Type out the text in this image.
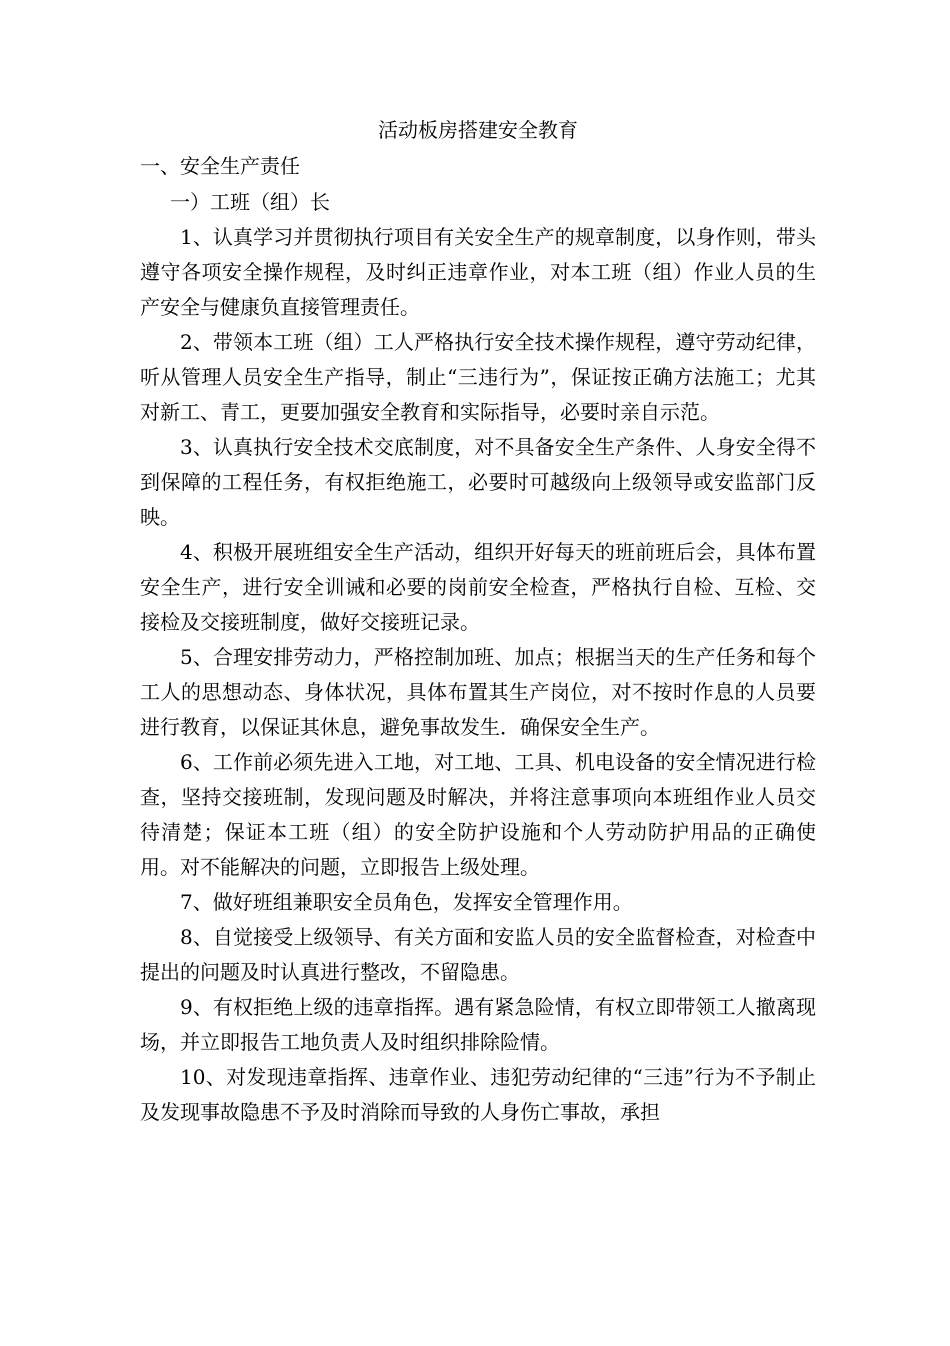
活动板房搭建安全教育
一、安全生产责任
一）工班（组）长

1、认真学习并贯彻执行项目有关安全生产的规章制度，以身作则，带头遵守各项安全操作规程，及时纠正违章作业，对本工班（组）作业人员的生产安全与健康负直接管理责任。

2、带领本工班（组）工人严格执行安全技术操作规程，遵守劳动纪律，听从管理人员安全生产指导，制止“三违行为”，保证按正确方法施工；尤其对新工、青工，更要加强安全教育和实际指导，必要时亲自示范。

3、认真执行安全技术交底制度，对不具备安全生产条件、人身安全得不到保障的工程任务，有权拒绝施工，必要时可越级向上级领导或安监部门反映。

4、积极开展班组安全生产活动，组织开好每天的班前班后会，具体布置安全生产，进行安全训诫和必要的岗前安全检查，严格执行自检、互检、交接检及交接班制度，做好交接班记录。

5、合理安排劳动力，严格控制加班、加点；根据当天的生产任务和每个工人的思想动态、身体状况，具体布置其生产岗位，对不按时作息的人员要进行教育，以保证其休息，避免事故发生．确保安全生产。

6、工作前必须先进入工地，对工地、工具、机电设备的安全情况进行检查，坚持交接班制，发现问题及时解决，并将注意事项向本班组作业人员交待清楚；保证本工班（组）的安全防护设施和个人劳动防护用品的正确使用。对不能解决的问题，立即报告上级处理。

7、做好班组兼职安全员角色，发挥安全管理作用。

8、自觉接受上级领导、有关方面和安监人员的安全监督检查，对检查中提出的问题及时认真进行整改，不留隐患。

9、有权拒绝上级的违章指挥。遇有紧急险情，有权立即带领工人撤离现场，并立即报告工地负责人及时组织排除险情。

10、对发现违章指挥、违章作业、违犯劳动纪律的“三违”行为不予制止及发现事故隐患不予及时消除而导致的人身伤亡事故，承担
